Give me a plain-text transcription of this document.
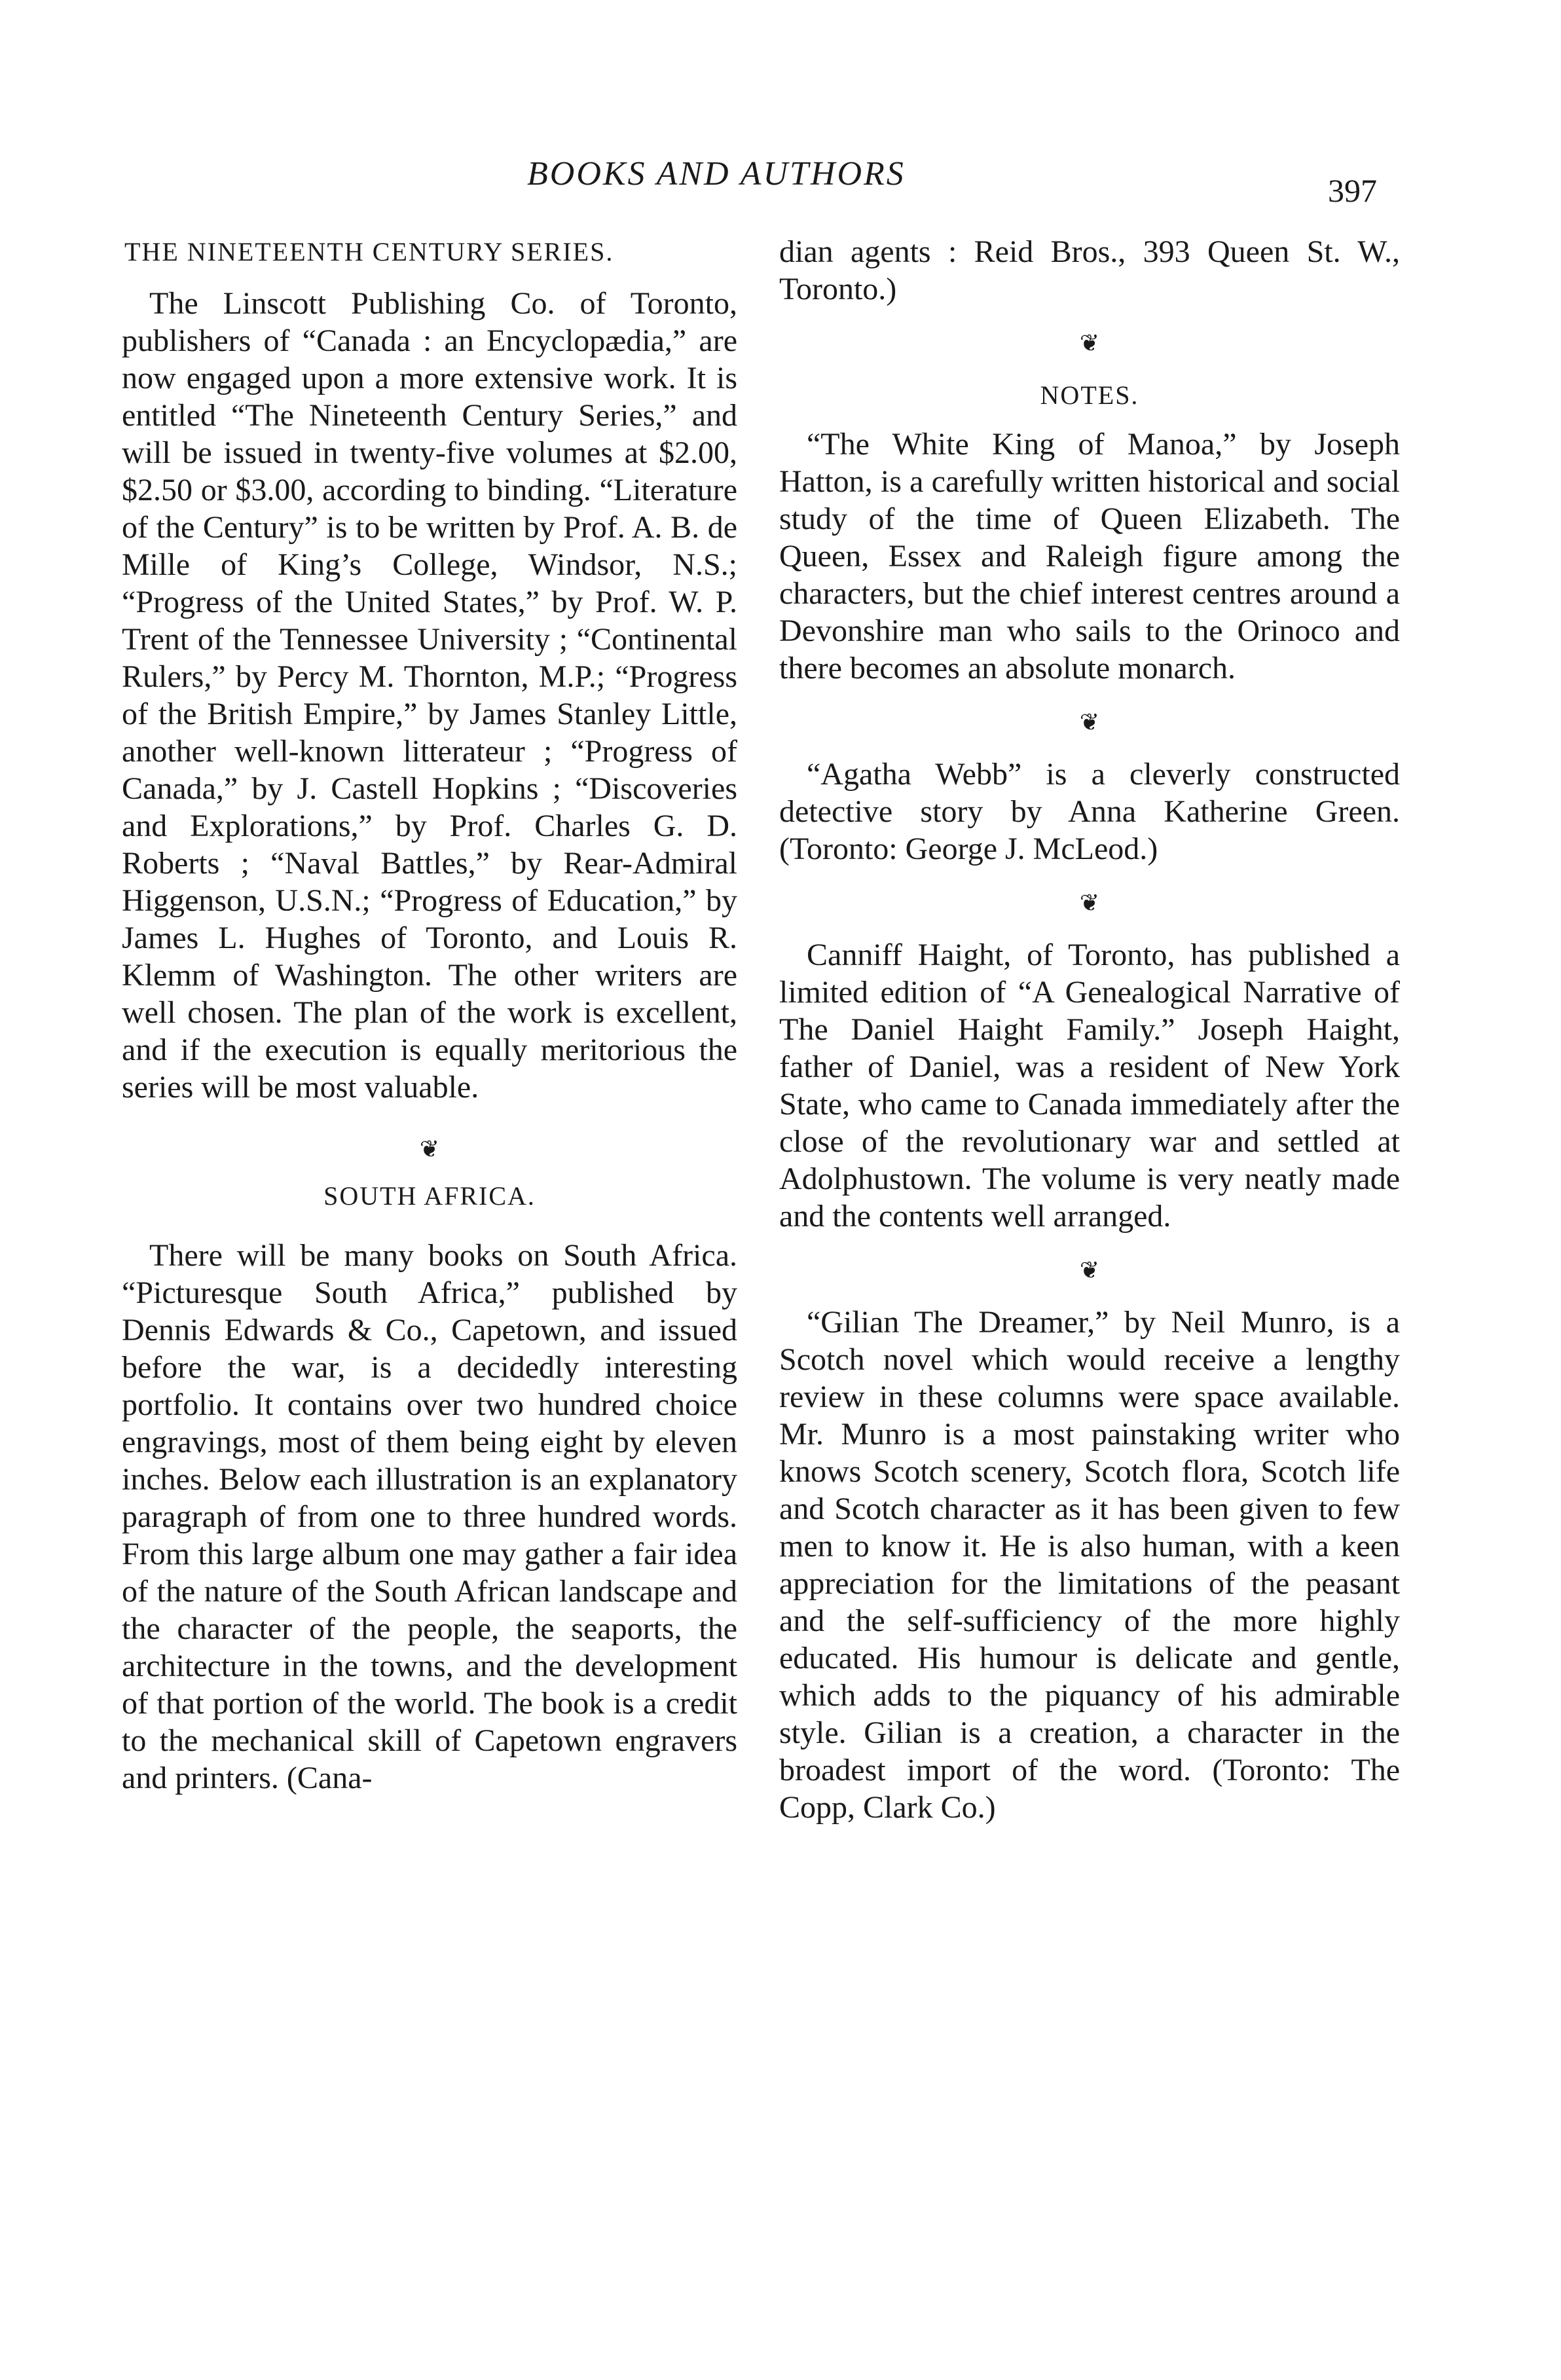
BOOKS AND AUTHORS	397

THE NINETEENTH CENTURY SERIES.

The Linscott Publishing Co. of Toronto, publishers of “Canada : an Encyclopædia,” are now engaged upon a more extensive work. It is entitled “The Nineteenth Century Series,” and will be issued in twenty-five volumes at $2.00, $2.50 or $3.00, according to binding. “Literature of the Century” is to be written by Prof. A. B. de Mille of King’s College, Windsor, N.S.; “Progress of the United States,” by Prof. W. P. Trent of the Tennessee University ; “Continental Rulers,” by Percy M. Thornton, M.P.; “Progress of the British Empire,” by James Stanley Little, another well-known litterateur ; “Progress of Canada,” by J. Castell Hopkins ; “Discoveries and Explorations,” by Prof. Charles G. D. Roberts ; “Naval Battles,” by Rear-Admiral Higgenson, U.S.N.; “Progress of Education,” by James L. Hughes of Toronto, and Louis R. Klemm of Washington. The other writers are well chosen. The plan of the work is excellent, and if the execution is equally meritorious the series will be most valuable.

❦

SOUTH AFRICA.

There will be many books on South Africa. “Picturesque South Africa,” published by Dennis Edwards & Co., Capetown, and issued before the war, is a decidedly interesting portfolio. It contains over two hundred choice engravings, most of them being eight by eleven inches. Below each illustration is an explanatory paragraph of from one to three hundred words. From this large album one may gather a fair idea of the nature of the South African landscape and the character of the people, the seaports, the architecture in the towns, and the development of that portion of the world. The book is a credit to the mechanical skill of Capetown engravers and printers. (Cana-

dian agents : Reid Bros., 393 Queen St. W., Toronto.)

❦

NOTES.

“The White King of Manoa,” by Joseph Hatton, is a carefully written historical and social study of the time of Queen Elizabeth. The Queen, Essex and Raleigh figure among the characters, but the chief interest centres around a Devonshire man who sails to the Orinoco and there becomes an absolute monarch.

❦

“Agatha Webb” is a cleverly constructed detective story by Anna Katherine Green. (Toronto: George J. McLeod.)

❦

Canniff Haight, of Toronto, has published a limited edition of “A Genealogical Narrative of The Daniel Haight Family.” Joseph Haight, father of Daniel, was a resident of New York State, who came to Canada immediately after the close of the revolutionary war and settled at Adolphustown. The volume is very neatly made and the contents well arranged.

❦

“Gilian The Dreamer,” by Neil Munro, is a Scotch novel which would receive a lengthy review in these columns were space available. Mr. Munro is a most painstaking writer who knows Scotch scenery, Scotch flora, Scotch life and Scotch character as it has been given to few men to know it. He is also human, with a keen appreciation for the limitations of the peasant and the self-sufficiency of the more highly educated. His humour is delicate and gentle, which adds to the piquancy of his admirable style. Gilian is a creation, a character in the broadest import of the word. (Toronto: The Copp, Clark Co.)
